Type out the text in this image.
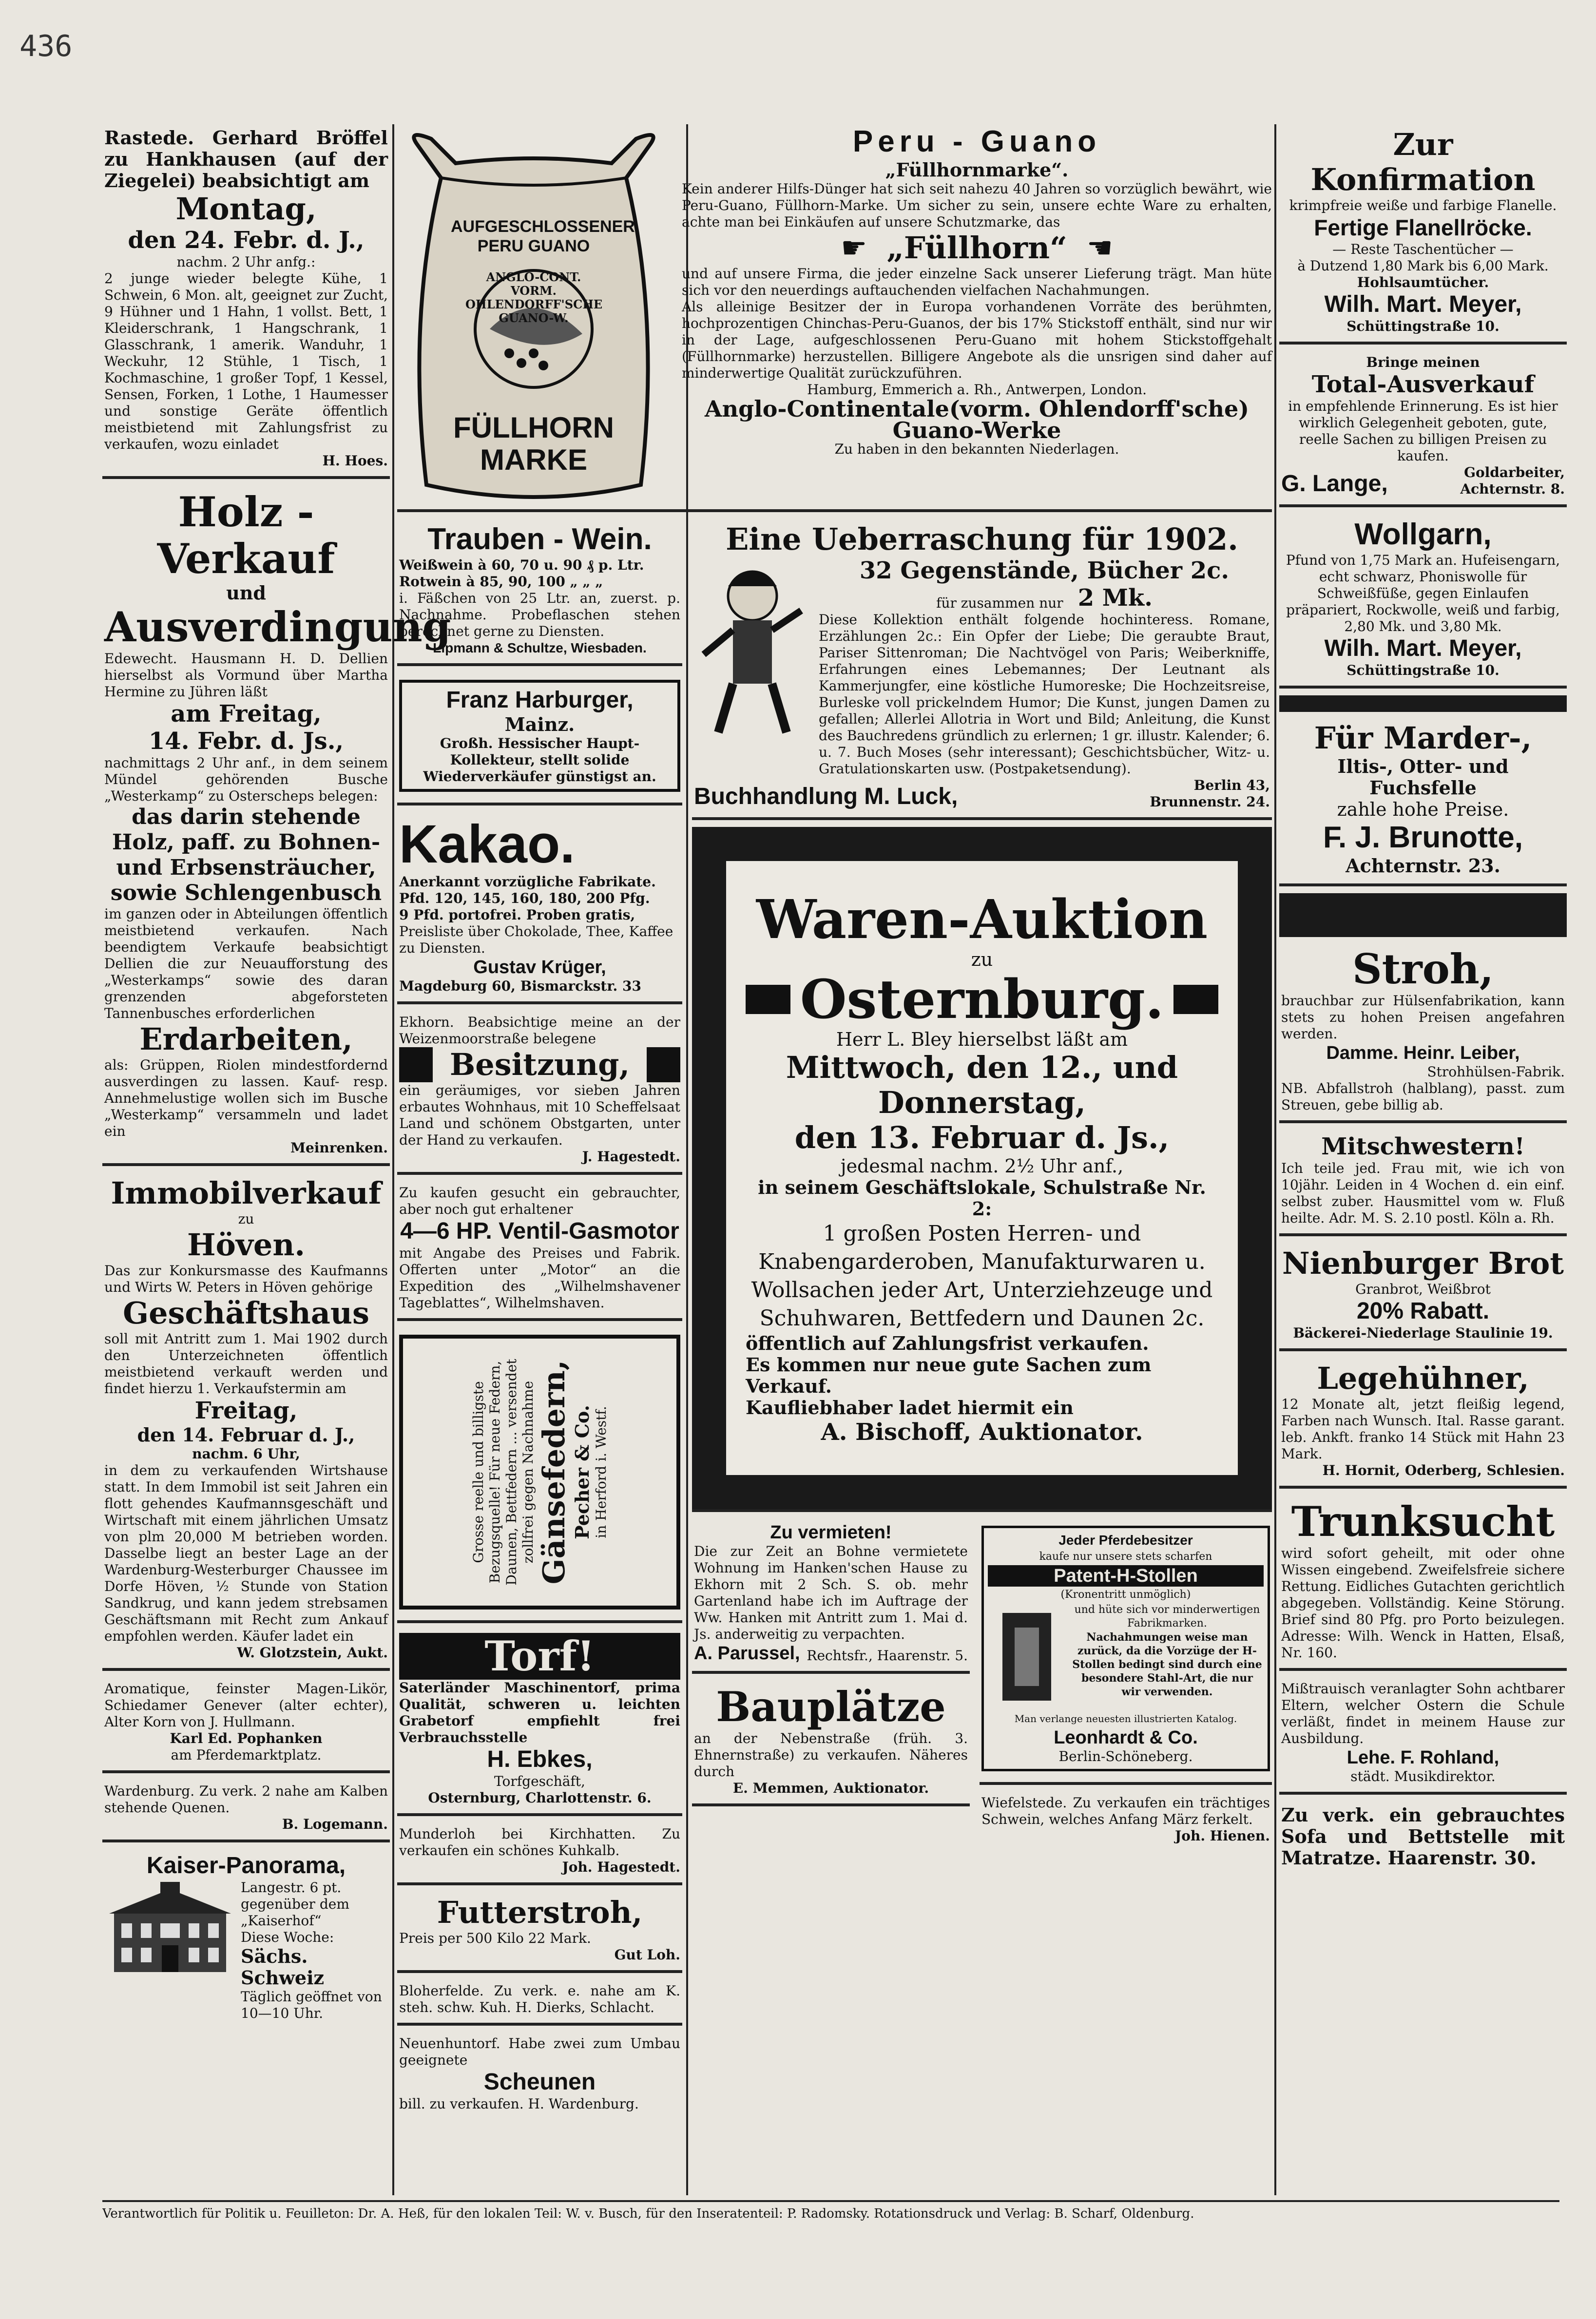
436
Rastede. Gerhard Bröffel zu Hankhausen (auf der Ziegelei) beabsichtigt am
Montag,
den 24. Febr. d. J.,
nachm. 2 Uhr anfg.:
2 junge wieder belegte Kühe, 1 Schwein, 6 Mon. alt, geeignet zur Zucht, 9 Hühner und 1 Hahn, 1 vollst. Bett, 1 Kleiderschrank, 1 Hangschrank, 1 Glasschrank, 1 amerik. Wanduhr, 1 Weckuhr, 12 Stühle, 1 Tisch, 1 Kochmaschine, 1 großer Topf, 1 Kessel, Sensen, Forken, 1 Lothe, 1 Haumesser und sonstige Geräte öffentlich meistbietend mit Zahlungsfrist zu verkaufen, wozu einladet
H. Hoes.
Holz - Verkauf
und
Ausverdingung
Edewecht. Hausmann H. D. Dellien hierselbst als Vormund über Martha Hermine zu Jühren läßt
am Freitag,
14. Febr. d. Js.,
nachmittags 2 Uhr anf., in dem seinem Mündel gehörenden Busche „Westerkamp“ zu Osterscheps belegen:
das darin stehende Holz, paff. zu Bohnen- und Erbsensträucher, sowie Schlengenbusch
im ganzen oder in Abteilungen öffentlich meistbietend verkaufen. Nach beendigtem Verkaufe beabsichtigt Dellien die zur Neuaufforstung des „Westerkamps“ sowie des daran grenzenden abgeforsteten Tannenbusches erforderlichen
Erdarbeiten,
als: Grüppen, Riolen mindestfordernd ausverdingen zu lassen. Kauf- resp. Annehmelustige wollen sich im Busche „Westerkamp“ versammeln und ladet ein
Meinrenken.
Immobilverkauf
zu
Höven.
Das zur Konkursmasse des Kaufmanns und Wirts W. Peters in Höven gehörige
Geschäftshaus
soll mit Antritt zum 1. Mai 1902 durch den Unterzeichneten öffentlich meistbietend verkauft werden und findet hierzu 1. Verkaufstermin am
Freitag,
den 14. Februar d. J.,
nachm. 6 Uhr,
in dem zu verkaufenden Wirtshause statt. In dem Immobil ist seit Jahren ein flott gehendes Kaufmannsgeschäft und Wirtschaft mit einem jährlichen Umsatz von plm 20,000 M betrieben worden. Dasselbe liegt an bester Lage an der Wardenburg-Westerburger Chaussee im Dorfe Höven, ½ Stunde von Station Sandkrug, und kann jedem strebsamen Geschäftsmann mit Recht zum Ankauf empfohlen werden. Käufer ladet ein
W. Glotzstein, Aukt.
Aromatique, feinster Magen-Likör, Schiedamer Genever (alter echter), Alter Korn von J. Hullmann.
Karl Ed. Pophanken
am Pferdemarktplatz.
Wardenburg. Zu verk. 2 nahe am Kalben stehende Quenen.
B. Logemann.
Kaiser-Panorama,
Langestr. 6 pt. gegenüber dem „Kaiserhof“
Diese Woche:
Sächs. Schweiz
Täglich geöffnet von 10—10 Uhr.
Trauben - Wein.
Weißwein à 60, 70 u. 90 ₰ p. Ltr.
Rotwein à 85, 90, 100 „ „ „
i. Fäßchen von 25 Ltr. an, zuerst. p. Nachnahme. Probeflaschen stehen berechnet gerne zu Diensten.
Lipmann & Schultze, Wiesbaden.
Franz Harburger,
Mainz.
Großh. Hessischer Haupt-Kollekteur, stellt solide Wiederverkäufer günstigst an.
Kakao.
Anerkannt vorzügliche Fabrikate.
Pfd. 120, 145, 160, 180, 200 Pfg.
9 Pfd. portofrei. Proben gratis,
Preisliste über Chokolade, Thee, Kaffee zu Diensten.
Gustav Krüger,
Magdeburg 60, Bismarckstr. 33
Ekhorn. Beabsichtige meine an der Weizenmoorstraße belegene
Besitzung,
ein geräumiges, vor sieben Jahren erbautes Wohnhaus, mit 10 Scheffelsaat Land und schönem Obstgarten, unter der Hand zu verkaufen.
J. Hagestedt.
Zu kaufen gesucht ein gebrauchter, aber noch gut erhaltener
4—6 HP. Ventil-Gasmotor
mit Angabe des Preises und Fabrik. Offerten unter „Motor“ an die Expedition des „Wilhelmshavener Tageblattes“, Wilhelmshaven.
Grosse reelle und billigste Bezugsquelle! Für neue Federn, Daunen, Bettfedern ... versendet zollfrei gegen Nachnahme Gänsefedern, Pecher & Co. in Herford i. Westf.
Torf!
Saterländer Maschinentorf, prima Qualität, schweren u. leichten Grabetorf empfiehlt frei Verbrauchsstelle
H. Ebkes,
Torfgeschäft,
Osternburg, Charlottenstr. 6.
Munderloh bei Kirchhatten. Zu verkaufen ein schönes Kuhkalb.
Joh. Hagestedt.
Futterstroh,
Preis per 500 Kilo 22 Mark.
Gut Loh.
Bloherfelde. Zu verk. e. nahe am K. steh. schw. Kuh. H. Dierks, Schlacht.
Neuenhuntorf. Habe zwei zum Umbau geeignete
Scheunen
bill. zu verkaufen. H. Wardenburg.
AUFGESCHLOSSENER PERU GUANO
ANGLO-CONT. VORM. OHLENDORFF'SCHE GUANO-W.
FÜLLHORN MARKE
Peru - Guano
„Füllhornmarke“.
Kein anderer Hilfs-Dünger hat sich seit nahezu 40 Jahren so vorzüglich bewährt, wie Peru-Guano, Füllhorn-Marke. Um sicher zu sein, unsere echte Ware zu erhalten, achte man bei Einkäufen auf unsere Schutzmarke, das
☛ „Füllhorn“ ☛
und auf unsere Firma, die jeder einzelne Sack unserer Lieferung trägt. Man hüte sich vor den neuerdings auftauchenden vielfachen Nachahmungen.
Als alleinige Besitzer der in Europa vorhandenen Vorräte des berühmten, hochprozentigen Chinchas-Peru-Guanos, der bis 17% Stickstoff enthält, sind nur wir in der Lage, aufgeschlossenen Peru-Guano mit hohem Stickstoffgehalt (Füllhornmarke) herzustellen. Billigere Angebote als die unsrigen sind daher auf minderwertige Qualität zurückzuführen.
Hamburg, Emmerich a. Rh., Antwerpen, London.
Anglo-Continentale(vorm. Ohlendorff'sche) Guano-Werke
Zu haben in den bekannten Niederlagen.
Eine Ueberraschung für 1902.
32 Gegenstände, Bücher 2c.
für zusammen nur 2 Mk.
Diese Kollektion enthält folgende hochinteress. Romane, Erzählungen 2c.: Ein Opfer der Liebe; Die geraubte Braut, Pariser Sittenroman; Die Nachtvögel von Paris; Weiberkniffe, Erfahrungen eines Lebemannes; Der Leutnant als Kammerjungfer, eine köstliche Humoreske; Die Hochzeitsreise, Burleske voll prickelndem Humor; Die Kunst, jungen Damen zu gefallen; Allerlei Allotria in Wort und Bild; Anleitung, die Kunst des Bauchredens gründlich zu erlernen; 1 gr. illustr. Kalender; 6. u. 7. Buch Moses (sehr interessant); Geschichtsbücher, Witz- u. Gratulationskarten usw. (Postpaketsendung).
Buchhandlung M. Luck,	Berlin 43,
Brunnenstr. 24.
Waren-Auktion
zu
Osternburg.
Herr L. Bley hierselbst läßt am
Mittwoch, den 12., und
Donnerstag,
den 13. Februar d. Js.,
jedesmal nachm. 2½ Uhr anf.,
in seinem Geschäftslokale, Schulstraße Nr. 2:
1 großen Posten Herren- und Knabengarderoben, Manufakturwaren u. Wollsachen jeder Art, Unterziehzeuge und Schuhwaren, Bettfedern und Daunen 2c.
öffentlich auf Zahlungsfrist verkaufen.
Es kommen nur neue gute Sachen zum Verkauf.
Kaufliebhaber ladet hiermit ein
A. Bischoff, Auktionator.
Zu vermieten!
Die zur Zeit an Bohne vermietete Wohnung im Hanken'schen Hause zu Ekhorn mit 2 Sch. S. ob. mehr Gartenland habe ich im Auftrage der Ww. Hanken mit Antritt zum 1. Mai d. Js. anderweitig zu verpachten.
A. Parussel, Rechtsfr., Haarenstr. 5.
Bauplätze
an der Nebenstraße (früh. 3. Ehnernstraße) zu verkaufen. Näheres durch
E. Memmen, Auktionator.
Jeder Pferdebesitzer
kaufe nur unsere stets scharfen
Patent-H-Stollen
(Kronentritt unmöglich)
und hüte sich vor minderwertigen Fabrikmarken.
Nachahmungen weise man zurück, da die Vorzüge der H-Stollen bedingt sind durch eine besondere Stahl-Art, die nur wir verwenden.
Man verlange neuesten illustrierten Katalog.
Leonhardt & Co.
Berlin-Schöneberg.
Wiefelstede. Zu verkaufen ein trächtiges Schwein, welches Anfang März ferkelt.
Joh. Hienen.
Zur Konfirmation
krimpfreie weiße und farbige Flanelle.
Fertige Flanellröcke.
— Reste Taschentücher —
à Dutzend 1,80 Mark bis 6,00 Mark.
Hohlsaumtücher.
Wilh. Mart. Meyer,
Schüttingstraße 10.
Bringe meinen
Total-Ausverkauf
in empfehlende Erinnerung. Es ist hier wirklich Gelegenheit geboten, gute, reelle Sachen zu billigen Preisen zu kaufen.
G. Lange,	Goldarbeiter, Achternstr. 8.
Wollgarn,
Pfund von 1,75 Mark an. Hufeisengarn, echt schwarz, Phoniswolle für Schweißfüße, gegen Einlaufen präpariert, Rockwolle, weiß und farbig, 2,80 Mk. und 3,80 Mk.
Wilh. Mart. Meyer,
Schüttingstraße 10.
Für Marder-,
Iltis-, Otter- und
Fuchsfelle
zahle hohe Preise.
F. J. Brunotte,
Achternstr. 23.
Stroh,
brauchbar zur Hülsenfabrikation, kann stets zu hohen Preisen angefahren werden.
Damme. Heinr. Leiber,
Strohhülsen-Fabrik.
NB. Abfallstroh (halblang), passt. zum Streuen, gebe billig ab.
Mitschwestern!
Ich teile jed. Frau mit, wie ich von 10jähr. Leiden in 4 Wochen d. ein einf. selbst zuber. Hausmittel vom w. Fluß heilte. Adr. M. S. 2.10 postl. Köln a. Rh.
Nienburger Brot
Granbrot, Weißbrot
20% Rabatt.
Bäckerei-Niederlage Staulinie 19.
Legehühner,
12 Monate alt, jetzt fleißig legend, Farben nach Wunsch. Ital. Rasse garant. leb. Ankft. franko 14 Stück mit Hahn 23 Mark.
H. Hornit, Oderberg, Schlesien.
Trunksucht
wird sofort geheilt, mit oder ohne Wissen eingebend. Zweifelsfreie sichere Rettung. Eidliches Gutachten gerichtlich abgegeben. Vollständig. Keine Störung. Brief sind 80 Pfg. pro Porto beizulegen. Adresse: Wilh. Wenck in Hatten, Elsaß, Nr. 160.
Mißtrauisch veranlagter Sohn achtbarer Eltern, welcher Ostern die Schule verläßt, findet in meinem Hause zur Ausbildung.
Lehe. F. Rohland,
städt. Musikdirektor.
Zu verk. ein gebrauchtes Sofa und Bettstelle mit Matratze. Haarenstr. 30.
Verantwortlich für Politik u. Feuilleton: Dr. A. Heß, für den lokalen Teil: W. v. Busch, für den Inseratenteil: P. Radomsky. Rotationsdruck und Verlag: B. Scharf, Oldenburg.
